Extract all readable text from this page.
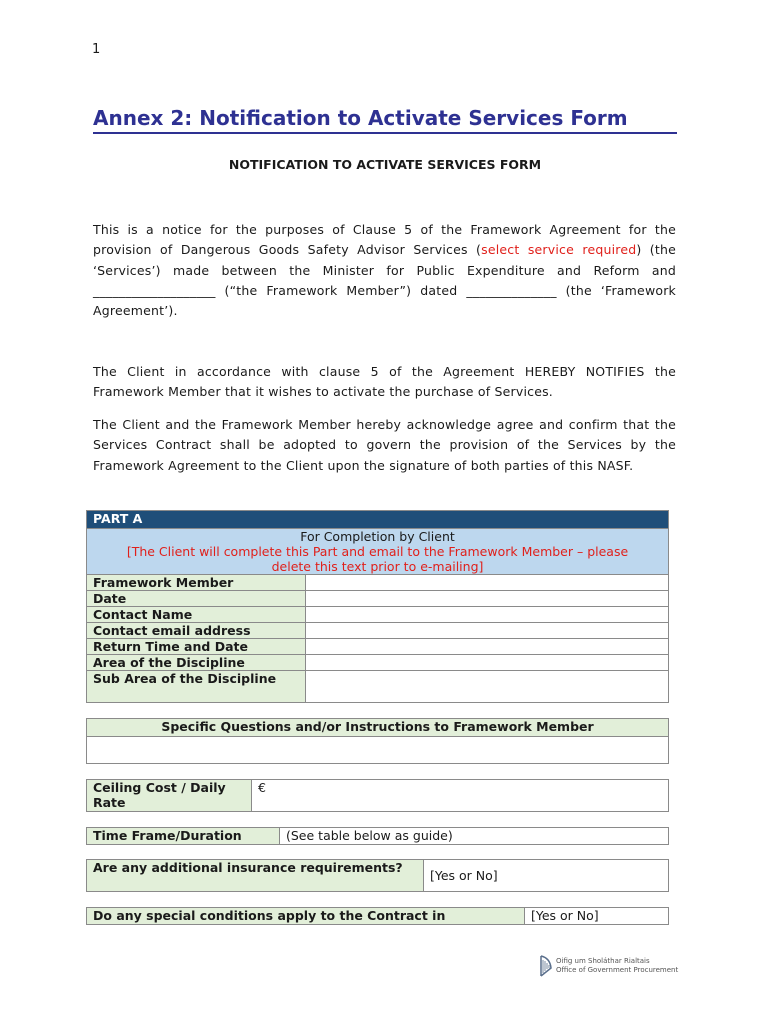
1
Annex 2: Notification to Activate Services Form
NOTIFICATION TO ACTIVATE SERVICES FORM
This is a notice for the purposes of Clause 5 of the Framework Agreement for the provision of Dangerous Goods Safety Advisor Services (select service required) (the ‘Services’) made between the Minister for Public Expenditure and Reform and ___________________ (“the Framework Member”) dated ______________ (the ‘Framework Agreement’).
The Client in accordance with clause 5 of the Agreement HEREBY NOTIFIES the Framework Member that it wishes to activate the purchase of Services.
The Client and the Framework Member hereby acknowledge agree and confirm that the Services Contract shall be adopted to govern the provision of the Services by the Framework Agreement to the Client upon the signature of both parties of this NASF.
PART A	

For Completion by Client
[The Client will complete this Part and email to the Framework Member – please delete this text prior to e-mailing]	

Framework Member	
Date	
Contact Name	
Contact email address	
Return Time and Date	
Area of the Discipline	
Sub Area of the Discipline	
Specific Questions and/or Instructions to Framework Member

Ceiling Cost / Daily Rate	€
Time Frame/Duration	(See table below as guide)
Are any additional insurance requirements?	[Yes or No]
Do any special conditions apply to the Contract in	[Yes or No]
Oifig um Sholáthar Rialtais
Office of Government Procurement
